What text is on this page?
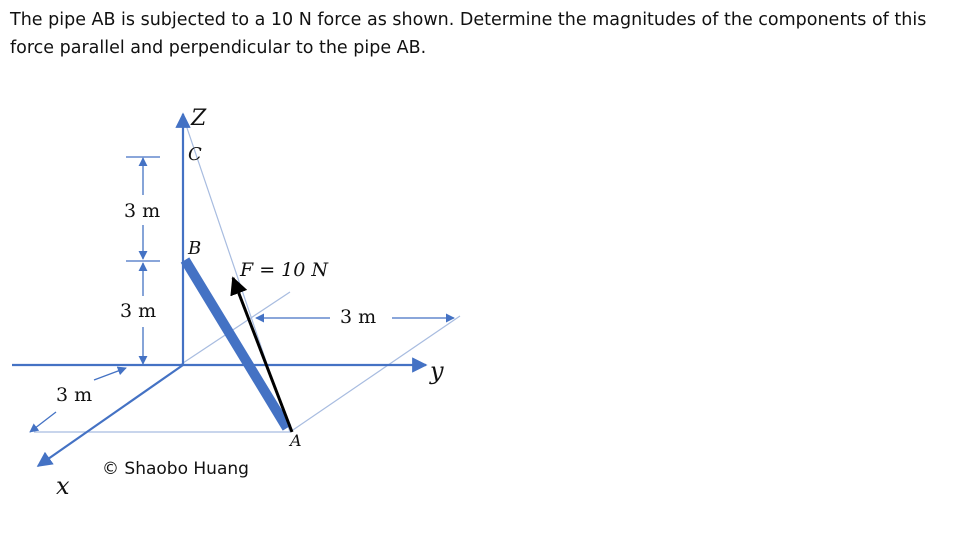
The pipe AB is subjected to a 10 N force as shown. Determine the magnitudes of the components of this force parallel and perpendicular to the pipe AB.

Z
C
B
A
F = 10 N
y
x
3 m
3 m	3 m
3 m
© Shaobo Huang
